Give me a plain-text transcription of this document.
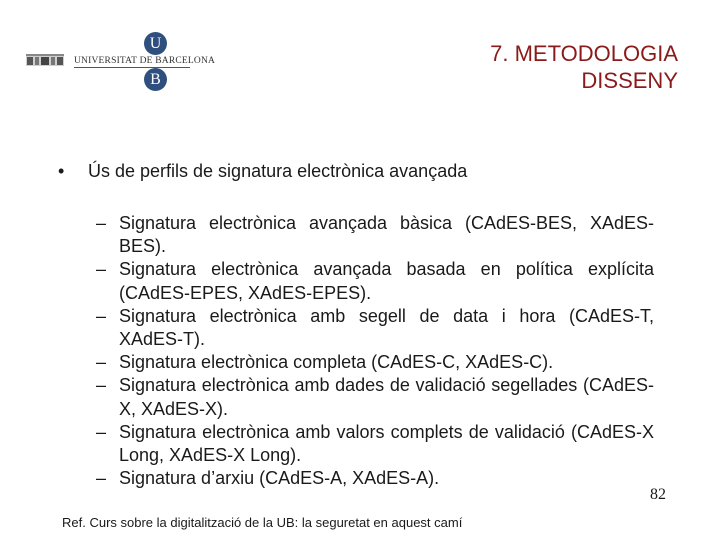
U
UNIVERSITAT DE BARCELONA
B
7. METODOLOGIA
DISSENY
• Ús de perfils de signatura electrònica avançada
– Signatura electrònica avançada bàsica (CAdES-BES, XAdES-BES).
– Signatura electrònica avançada basada en política explícita (CAdES-EPES, XAdES-EPES).
– Signatura electrònica amb segell de data i hora (CAdES-T, XAdES-T).
– Signatura electrònica completa (CAdES-C, XAdES-C).
– Signatura electrònica amb dades de validació segellades (CAdES-X, XAdES-X).
– Signatura electrònica amb valors complets de validació (CAdES-X Long, XAdES-X Long).
– Signatura d’arxiu (CAdES-A, XAdES-A).
82
Ref. Curs sobre la digitalització de la UB: la seguretat en aquest camí
